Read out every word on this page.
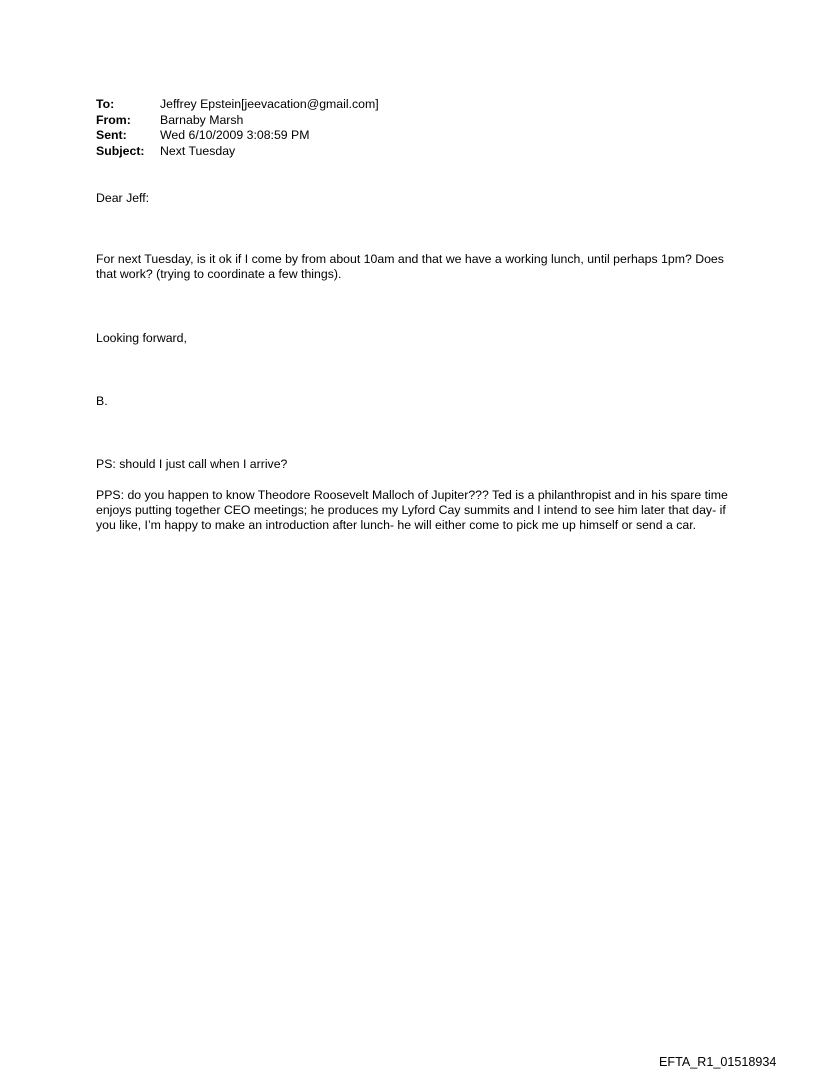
To:	Jeffrey Epstein[jeevacation@gmail.com]
From:	Barnaby Marsh
Sent:	Wed 6/10/2009 3:08:59 PM
Subject:	Next Tuesday
Dear Jeff:
For next Tuesday, is it ok if I come by from about 10am and that we have a working lunch, until perhaps 1pm? Does that work? (trying to coordinate a few things).
Looking forward,
B.
PS: should I just call when I arrive?
PPS: do you happen to know Theodore Roosevelt Malloch of Jupiter??? Ted is a philanthropist and in his spare time enjoys putting together CEO meetings; he produces my Lyford Cay summits and I intend to see him later that day- if you like, I’m happy to make an introduction after lunch- he will either come to pick me up himself or send a car.
EFTA_R1_01518934
